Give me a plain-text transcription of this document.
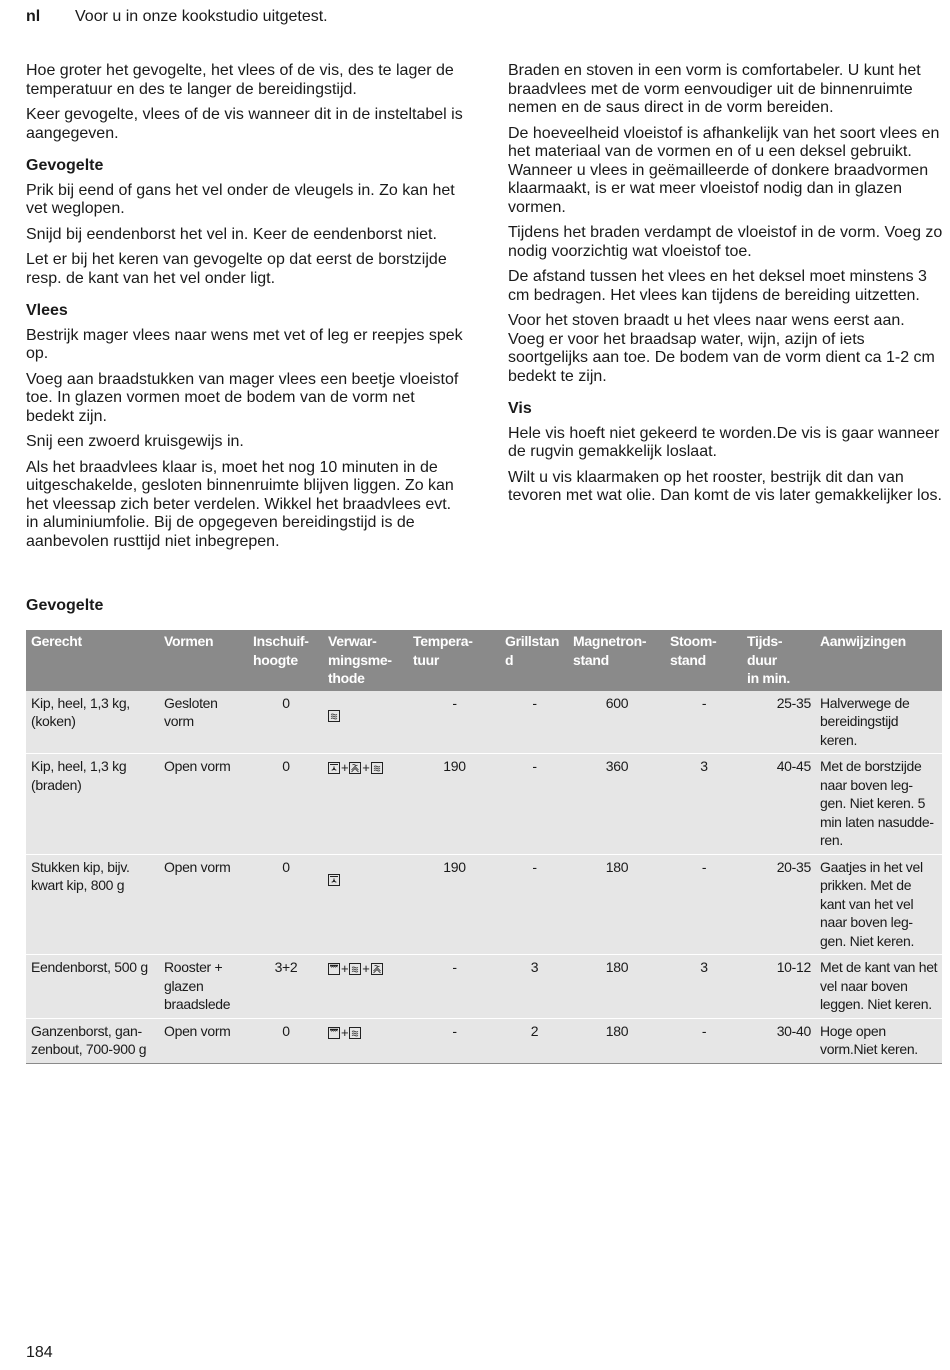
nl Voor u in onze kookstudio uitgetest.

Hoe groter het gevogelte, het vlees of de vis, des te lager de temperatuur en des te langer de bereidingstijd.

Keer gevogelte, vlees of de vis wanneer dit in de insteltabel is aangegeven.

Gevogelte

Prik bij eend of gans het vel onder de vleugels in. Zo kan het vet weglopen.

Snijd bij eendenborst het vel in. Keer de eendenborst niet.

Let er bij het keren van gevogelte op dat eerst de borstzijde resp. de kant van het vel onder ligt.

Vlees

Bestrijk mager vlees naar wens met vet of leg er reepjes spek op.

Voeg aan braadstukken van mager vlees een beetje vloeistof toe. In glazen vormen moet de bodem van de vorm net bedekt zijn.

Snij een zwoerd kruisgewijs in.

Als het braadvlees klaar is, moet het nog 10 minuten in de uitgeschakelde, gesloten binnenruimte blijven liggen. Zo kan het vleessap zich beter verdelen. Wikkel het braadvlees evt. in aluminiumfolie. Bij de opgegeven bereidingstijd is de aanbevolen rusttijd niet inbegrepen.

Braden en stoven in een vorm is comfortabeler. U kunt het braadvlees met de vorm eenvoudiger uit de binnenruimte nemen en de saus direct in de vorm bereiden.

De hoeveelheid vloeistof is afhankelijk van het soort vlees en het materiaal van de vormen en of u een deksel gebruikt. Wanneer u vlees in geëmailleerde of donkere braadvormen klaarmaakt, is er wat meer vloeistof nodig dan in glazen vormen.

Tijdens het braden verdampt de vloeistof in de vorm. Voeg zo nodig voorzichtig wat vloeistof toe.

De afstand tussen het vlees en het deksel moet minstens 3 cm bedragen. Het vlees kan tijdens de bereiding uitzetten.

Voor het stoven braadt u het vlees naar wens eerst aan. Voeg er voor het braadsap water, wijn, azijn of iets soortgelijks aan toe. De bodem van de vorm dient ca 1-2 cm bedekt te zijn.

Vis

Hele vis hoeft niet gekeerd te worden.De vis is gaar wanneer de rugvin gemakkelijk loslaat.

Wilt u vis klaarmaken op het rooster, bestrijk dit dan van tevoren met wat olie. Dan komt de vis later gemakkelijker los.

Gevogelte
Gerecht	Vormen	Inschuif-hoogte	Verwar-mingsme-thode	Tempera-tuur	Grillstan d	Magnetron-stand	Stoom-stand	Tijds-duur
in min.	Aanwijzingen
Kip, heel, 1,3 kg, (koken)	Gesloten vorm	0		-	-	600	-	25-35	Halverwege de bereidingstijd keren.
Kip, heel, 1,3 kg (braden)	Open vorm	0	+ +	190	-	360	3	40-45	Met de borstzijde naar boven leg-gen. Niet keren. 5 min laten nasudde-ren.
Stukken kip, bijv. kwart kip, 800 g	Open vorm	0		190	-	180	-	20-35	Gaatjes in het vel prikken. Met de kant van het vel naar boven leg-gen. Niet keren.
Eendenborst, 500 g	Rooster + glazen braadslede	3+2	+ +	-	3	180	3	10-12	Met de kant van het vel naar boven leggen. Niet keren.
Ganzenborst, gan-zenbout, 700-900 g	Open vorm	0	+	-	2	180	-	30-40	Hoge open vorm.Niet keren.
184
